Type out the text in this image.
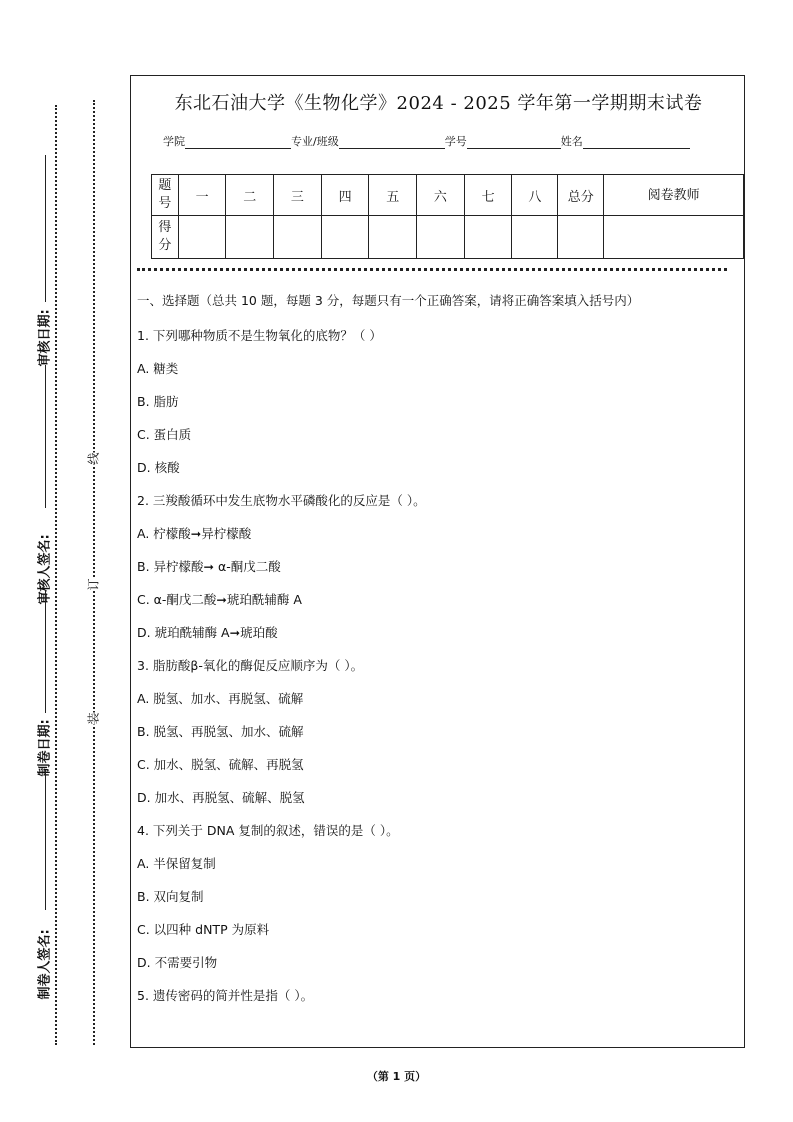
审核日期:
审核人签名:
制卷日期:
制卷人签名:
线
订
装
东北石油大学《生物化学》2024 - 2025 学年第一学期期末试卷
学院	专业/班级	学号	姓名
题号	一	二	三	四	五	六	七	八	总分	阅卷教师
得分										
一、选择题（总共 10 题，每题 3 分，每题只有一个正确答案，请将正确答案填入括号内）
1. 下列哪种物质不是生物氧化的底物？（ ）
A. 糖类
B. 脂肪
C. 蛋白质
D. 核酸
2. 三羧酸循环中发生底物水平磷酸化的反应是（ ）。
A. 柠檬酸➞异柠檬酸
B. 异柠檬酸➞ α-酮戊二酸
C. α-酮戊二酸➞琥珀酰辅酶 A
D. 琥珀酰辅酶 A➞琥珀酸
3. 脂肪酸β-氧化的酶促反应顺序为（ ）。
A. 脱氢、加水、再脱氢、硫解
B. 脱氢、再脱氢、加水、硫解
C. 加水、脱氢、硫解、再脱氢
D. 加水、再脱氢、硫解、脱氢
4. 下列关于 DNA 复制的叙述，错误的是（ ）。
A. 半保留复制
B. 双向复制
C. 以四种 dNTP 为原料
D. 不需要引物
5. 遗传密码的简并性是指（ ）。
（第 1 页）
